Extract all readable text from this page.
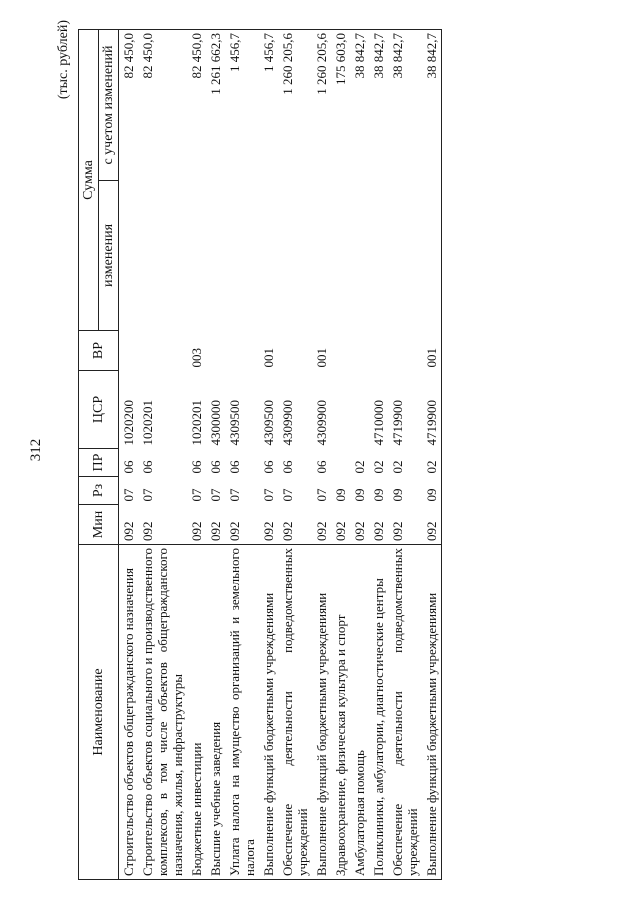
312
(тыс. рублей)
Наименование	Мин	Рз	ПР	ЦСР	ВР	Сумма	
						изменения	с учетом изменений
Строительство объектов общегражданского назначения	092	07	06	1020200			82 450,0
Строительство объектов социального и производственного комплексов, в том числе объектов общегражданского назначения, жилья, инфраструктуры	092	07	06	1020201			82 450,0
Бюджетные инвестиции	092	07	06	1020201	003		82 450,0
Высшие учебные заведения	092	07	06	4300000			1 261 662,3
Уплата налога на имущество организаций и земельного налога	092	07	06	4309500			1 456,7
Выполнение функций бюджетными учреждениями	092	07	06	4309500	001		1 456,7
Обеспечение деятельности подведомственных учреждений	092	07	06	4309900			1 260 205,6
Выполнение функций бюджетными учреждениями	092	07	06	4309900	001		1 260 205,6
Здравоохранение, физическая культура и спорт	092	09					175 603,0
Амбулаторная помощь	092	09	02				38 842,7
Поликлиники, амбулатории, диагностические центры	092	09	02	4710000			38 842,7
Обеспечение деятельности подведомственных учреждений	092	09	02	4719900			38 842,7
Выполнение функций бюджетными учреждениями	092	09	02	4719900	001		38 842,7
